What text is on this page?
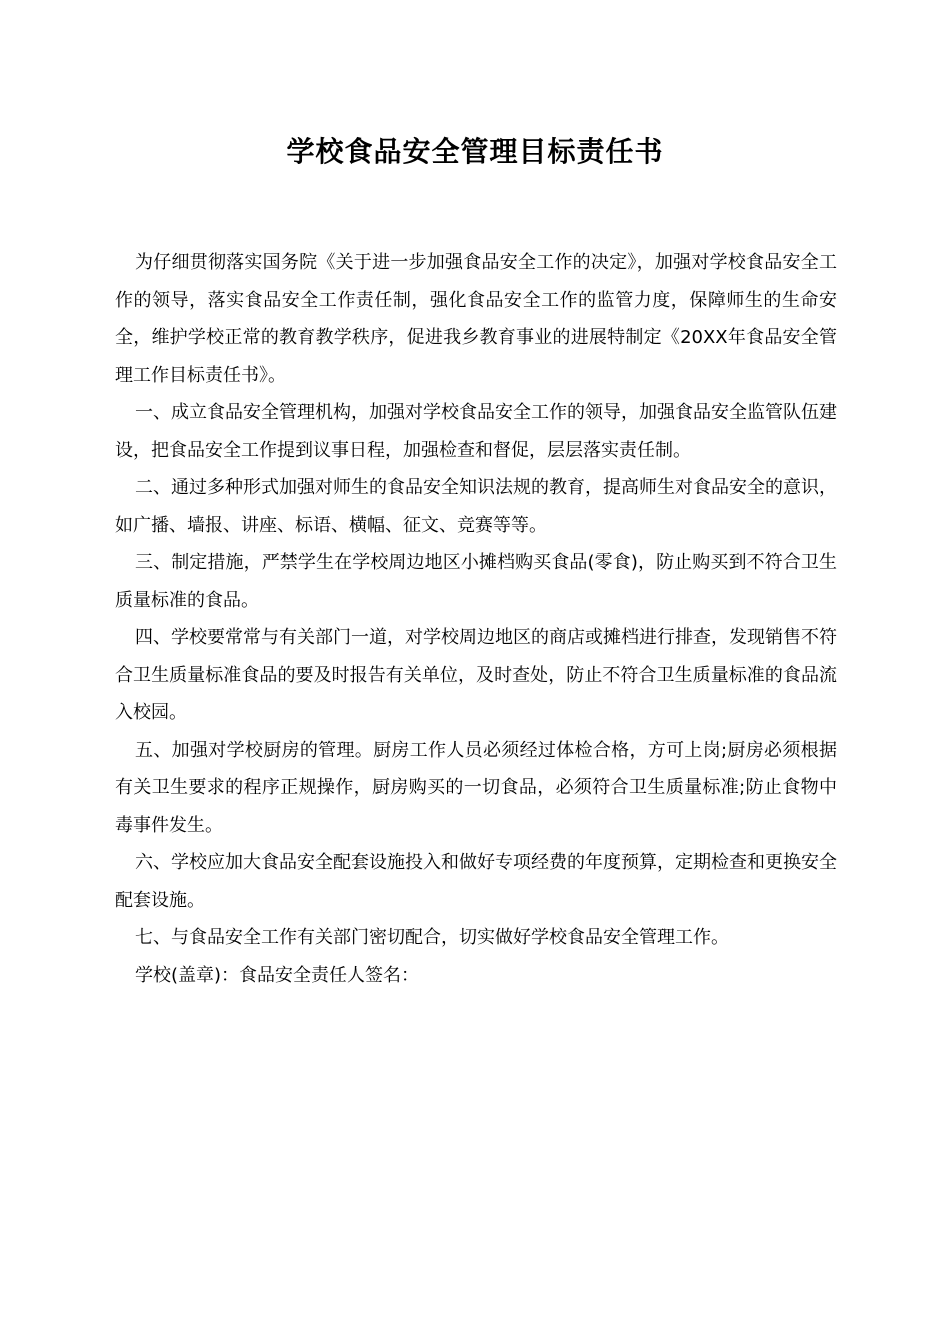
学校食品安全管理目标责任书

为仔细贯彻落实国务院《关于进一步加强食品安全工作的决定》，加强对学校食品安全工作的领导，落实食品安全工作责任制，强化食品安全工作的监管力度，保障师生的生命安全，维护学校正常的教育教学秩序，促进我乡教育事业的进展特制定《20XX年食品安全管理工作目标责任书》。

一、成立食品安全管理机构，加强对学校食品安全工作的领导，加强食品安全监管队伍建设，把食品安全工作提到议事日程，加强检查和督促，层层落实责任制。

二、通过多种形式加强对师生的食品安全知识法规的教育，提高师生对食品安全的意识，如广播、墙报、讲座、标语、横幅、征文、竞赛等等。

三、制定措施，严禁学生在学校周边地区小摊档购买食品(零食)，防止购买到不符合卫生质量标准的食品。

四、学校要常常与有关部门一道，对学校周边地区的商店或摊档进行排查，发现销售不符合卫生质量标准食品的要及时报告有关单位，及时查处，防止不符合卫生质量标准的食品流入校园。

五、加强对学校厨房的管理。厨房工作人员必须经过体检合格，方可上岗;厨房必须根据有关卫生要求的程序正规操作，厨房购买的一切食品，必须符合卫生质量标准;防止食物中毒事件发生。

六、学校应加大食品安全配套设施投入和做好专项经费的年度预算，定期检查和更换安全配套设施。

七、与食品安全工作有关部门密切配合，切实做好学校食品安全管理工作。

学校(盖章)：食品安全责任人签名：
